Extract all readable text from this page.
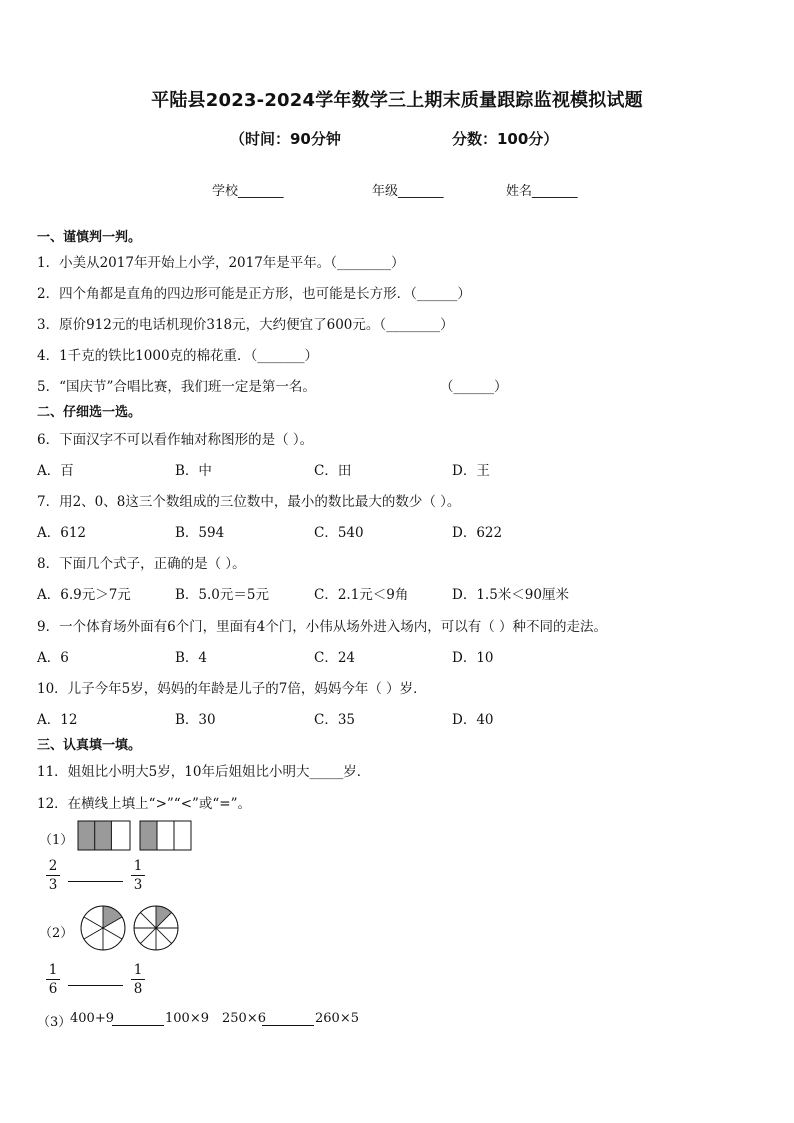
平陆县2023-2024学年数学三上期末质量跟踪监视模拟试题
（时间：90分钟	分数：100分）
学校_______	年级_______	姓名_______
一、谨慎判一判。
1．小美从2017年开始上小学，2017年是平年。（________）
2．四个角都是直角的四边形可能是正方形，也可能是长方形．（______）
3．原价912元的电话机现价318元，大约便宜了600元。（________）
4．1千克的铁比1000克的棉花重．（_______）
5．“国庆节”合唱比赛，我们班一定是第一名。	（______）
二、仔细选一选。
6．下面汉字不可以看作轴对称图形的是（ ）。
A．百	B．中	C．田	D．王
7．用2、0、8这三个数组成的三位数中，最小的数比最大的数少（ ）。
A．612	B．594	C．540	D．622
8．下面几个式子，正确的是（ ）。
A．6.9元＞7元	B．5.0元＝5元	C．2.1元＜9角	D．1.5米＜90厘米
9．一个体育场外面有6个门，里面有4个门，小伟从场外进入场内，可以有（ ）种不同的走法。
A．6	B．4	C．24	D．10
10．儿子今年5岁，妈妈的年龄是儿子的7倍，妈妈今年（ ）岁．
A．12	B．30	C．35	D．40
三、认真填一填。
11．姐姐比小明大5岁，10年后姐姐比小明大_____岁．
12．在横线上填上“>”“<”或“=”。
（1）
2
3
1
3
（2）
1
6
1
8
（3）
400+9	100×9 250×6	260×5
